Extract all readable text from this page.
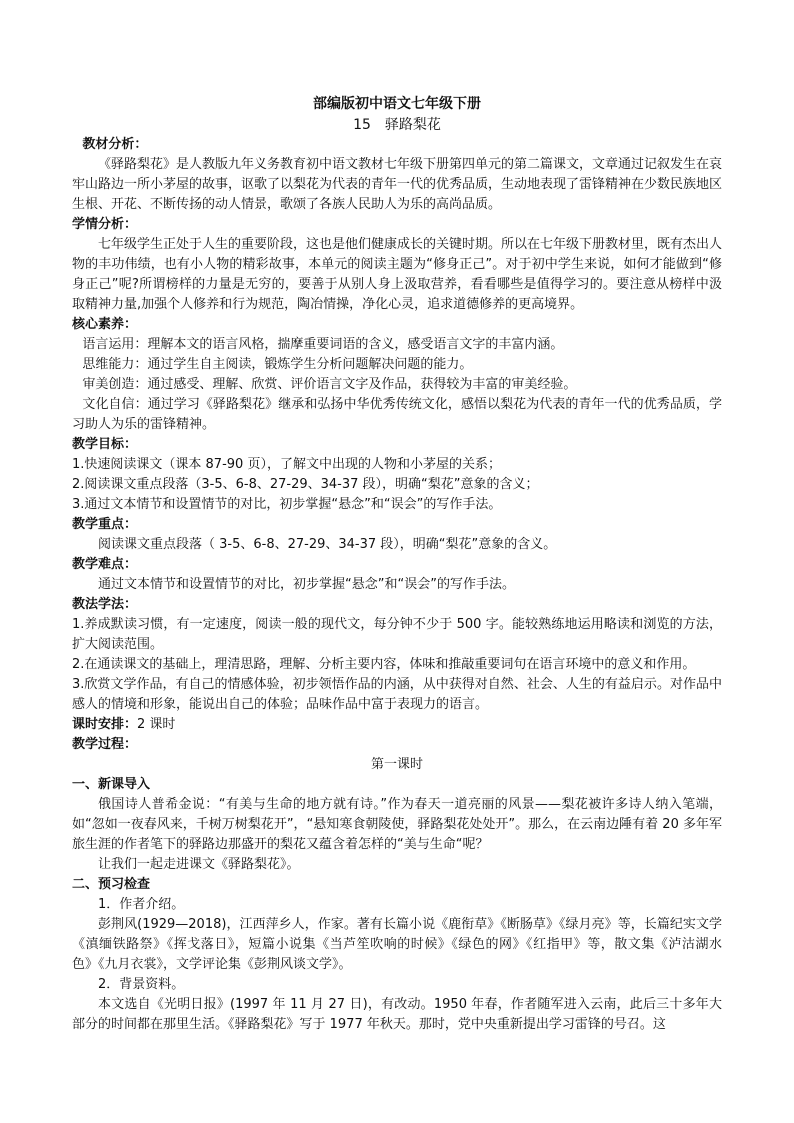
部编版初中语文七年级下册
15　驿路梨花
教材分析：
《驿路梨花》是人教版九年义务教育初中语文教材七年级下册第四单元的第二篇课文，文章通过记叙发生在哀牢山路边一所小茅屋的故事，讴歌了以梨花为代表的青年一代的优秀品质，生动地表现了雷锋精神在少数民族地区生根、开花、不断传扬的动人情景，歌颂了各族人民助人为乐的高尚品质。
学情分析：
七年级学生正处于人生的重要阶段，这也是他们健康成长的关键时期。所以在七年级下册教材里，既有杰出人物的丰功伟绩，也有小人物的精彩故事，本单元的阅读主题为“修身正己”。对于初中学生来说，如何才能做到“修身正己”呢?所谓榜样的力量是无穷的，要善于从别人身上汲取营养，看看哪些是值得学习的。要注意从榜样中汲取精神力量,加强个人修养和行为规范，陶冶情操，净化心灵，追求道德修养的更高境界。
核心素养：
语言运用：理解本文的语言风格，揣摩重要词语的含义，感受语言文字的丰富内涵。
思维能力：通过学生自主阅读，锻炼学生分析问题解决问题的能力。
审美创造：通过感受、理解、欣赏、评价语言文字及作品，获得较为丰富的审美经验。
文化自信：通过学习《驿路梨花》继承和弘扬中华优秀传统文化，感悟以梨花为代表的青年一代的优秀品质，学习助人为乐的雷锋精神。
教学目标：
1.快速阅读课文（课本 87-90 页），了解文中出现的人物和小茅屋的关系；
2.阅读课文重点段落（3-5、6-8、27-29、34-37 段），明确“梨花”意象的含义；
3.通过文本情节和设置情节的对比，初步掌握“悬念”和“误会”的写作手法。
教学重点：
阅读课文重点段落（ 3-5、6-8、27-29、34-37 段），明确“梨花”意象的含义。
教学难点：
通过文本情节和设置情节的对比，初步掌握“悬念”和“误会”的写作手法。
教法学法：
1.养成默读习惯，有一定速度，阅读一般的现代文，每分钟不少于 500 字。能较熟练地运用略读和浏览的方法，扩大阅读范围。
2.在通读课文的基础上，理清思路，理解、分析主要内容，体味和推敲重要词句在语言环境中的意义和作用。
3.欣赏文学作品，有自己的情感体验，初步领悟作品的内涵，从中获得对自然、社会、人生的有益启示。对作品中感人的情境和形象，能说出自己的体验；品味作品中富于表现力的语言。
课时安排：2 课时
教学过程：
第一课时
一、新课导入
俄国诗人普希金说：“有美与生命的地方就有诗。”作为春天一道亮丽的风景——梨花被许多诗人纳入笔端，如“忽如一夜春风来，千树万树梨花开”，“悬知寒食朝陵使，驿路梨花处处开”。那么，在云南边陲有着 20 多年军旅生涯的作者笔下的驿路边那盛开的梨花又蕴含着怎样的“美与生命“呢？
让我们一起走进课文《驿路梨花》。
二、预习检查
1．作者介绍。
彭荆风(1929—2018)，江西萍乡人，作家。著有长篇小说《鹿衔草》《断肠草》《绿月亮》等，长篇纪实文学《滇缅铁路祭》《挥戈落日》，短篇小说集《当芦笙吹响的时候》《绿色的网》《红指甲》等，散文集《泸沽湖水色》《九月衣裳》，文学评论集《彭荆风谈文学》。
2．背景资料。
本文选自《光明日报》(1997 年 11 月 27 日)，有改动。1950 年春，作者随军进入云南，此后三十多年大部分的时间都在那里生活。《驿路梨花》写于 1977 年秋天。那时，党中央重新提出学习雷锋的号召。这
